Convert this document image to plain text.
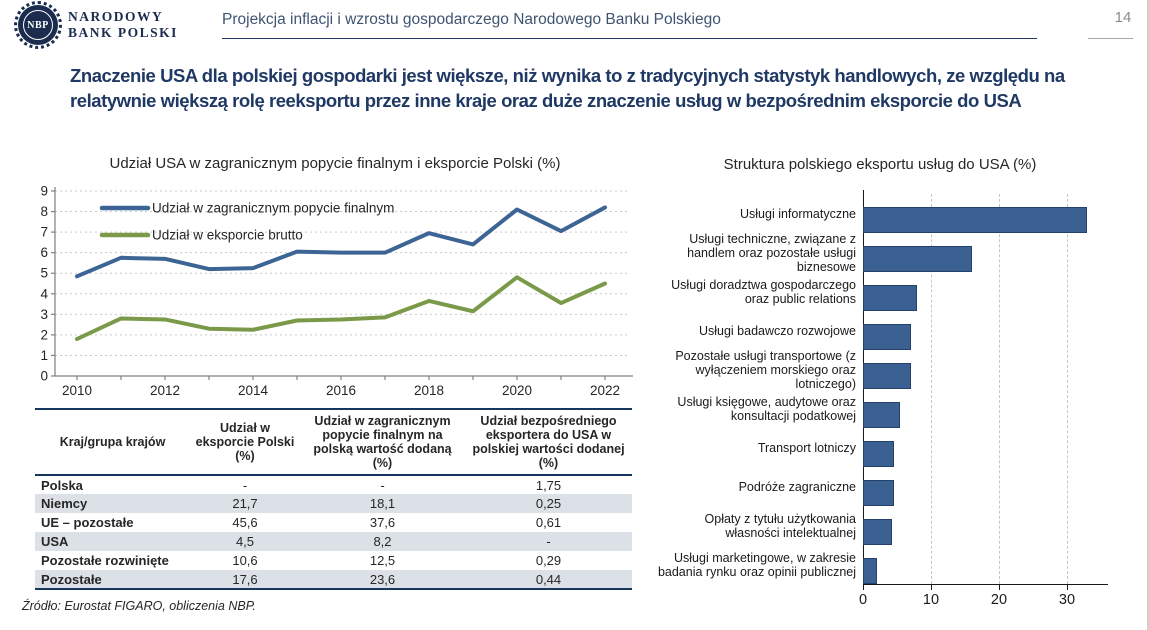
NBP
NARODOWY
BANK POLSKI
Projekcja inflacji i wzrostu gospodarczego Narodowego Banku Polskiego	14
Znaczenie USA dla polskiej gospodarki jest większe, niż wynika to z tradycyjnych statystyk handlowych, ze względu na relatywnie większą rolę reeksportu przez inne kraje oraz duże znaczenie usług w bezpośrednim eksporcie do USA
Udział USA w zagranicznym popycie finalnym i eksporcie Polski (%)
0
1
2
3
4
5
6
7
8
9
2010	2012	2014	2016	2018	2020	2022
Udział w zagranicznym popycie finalnym
Udział w eksporcie brutto
Kraj/grupa krajów	Udział w eksporcie Polski (%)	Udział w zagranicznym popycie finalnym na polską wartość dodaną (%)	Udział bezpośredniego eksportera do USA w polskiej wartości dodanej (%)
Polska	-	-	1,75
Niemcy	21,7	18,1	0,25
UE – pozostałe	45,6	37,6	0,61
USA	4,5	8,2	-
Pozostałe rozwinięte	10,6	12,5	0,29
Pozostałe	17,6	23,6	0,44
Źródło: Eurostat FIGARO, obliczenia NBP.
Struktura polskiego eksportu usług do USA (%)
Usługi informatyczne
Usługi techniczne, związane z handlem oraz pozostałe usługi biznesowe
Usługi doradztwa gospodarczego oraz public relations
Usługi badawczo rozwojowe
Pozostałe usługi transportowe (z wyłączeniem morskiego oraz lotniczego)
Usługi księgowe, audytowe oraz konsultacji podatkowej
Transport lotniczy
Podróże zagraniczne
Opłaty z tytułu użytkowania własności intelektualnej
Usługi marketingowe, w zakresie badania rynku oraz opinii publicznej
0	10	20	30
